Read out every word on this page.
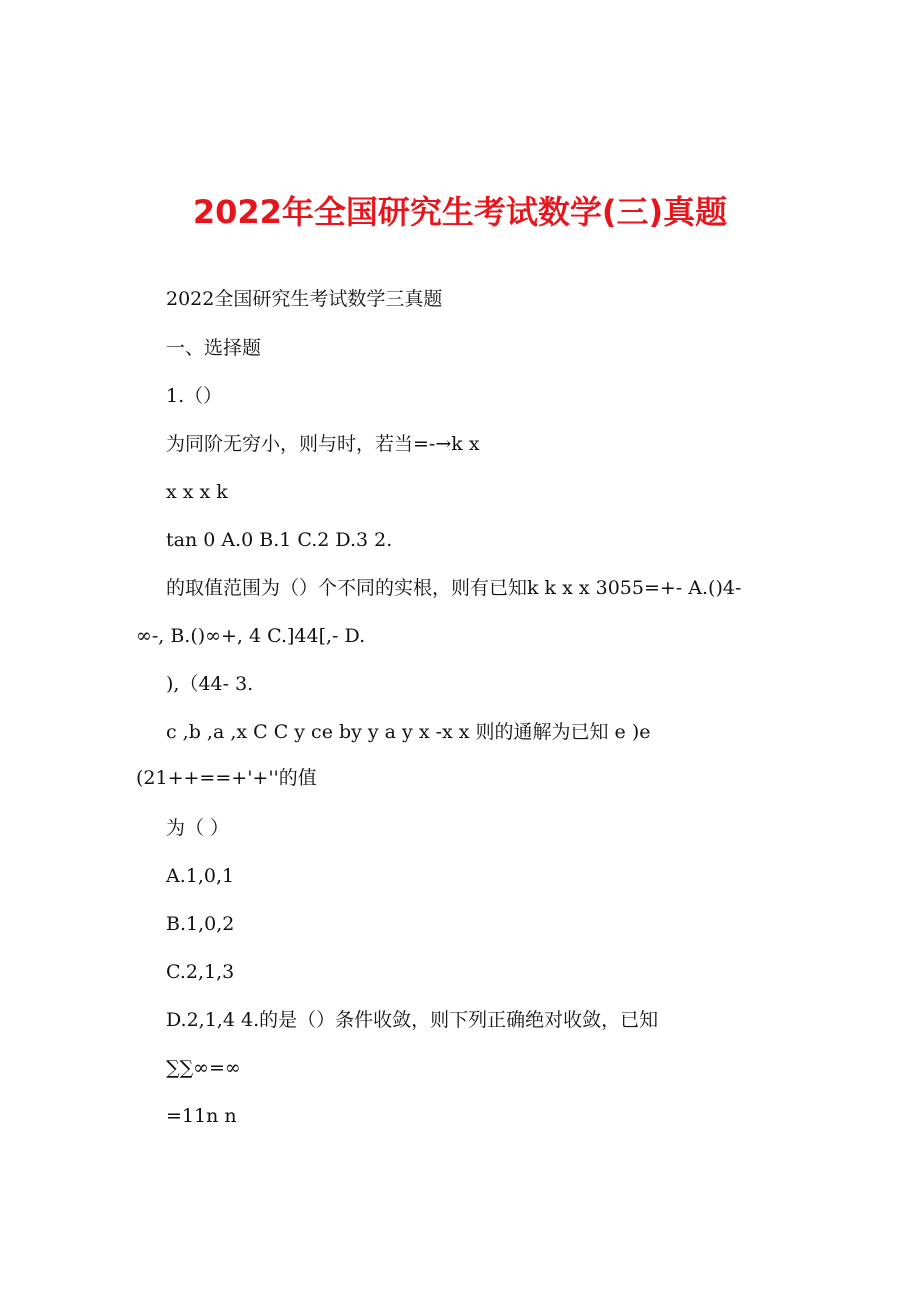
2022年全国研究生考试数学(三)真题
2022全国研究生考试数学三真题
一、选择题
1.（）
为同阶无穷小，则与时，若当=-→k x
x x x k
tan 0 A.0 B.1 C.2 D.3 2.
的取值范围为（）个不同的实根，则有已知k k x x 3055=+- A.()4-
∞-, B.()∞+, 4 C.]44[,- D.
),（44- 3.
c ,b ,a ,x C C y ce by y a y x -x x 则的通解为已知 e )e
(21++==+'+''的值
为（ ）
A.1,0,1
B.1,0,2
C.2,1,3
D.2,1,4 4.的是（）条件收敛，则下列正确绝对收敛，已知
∑∑∞=∞
=11n n
